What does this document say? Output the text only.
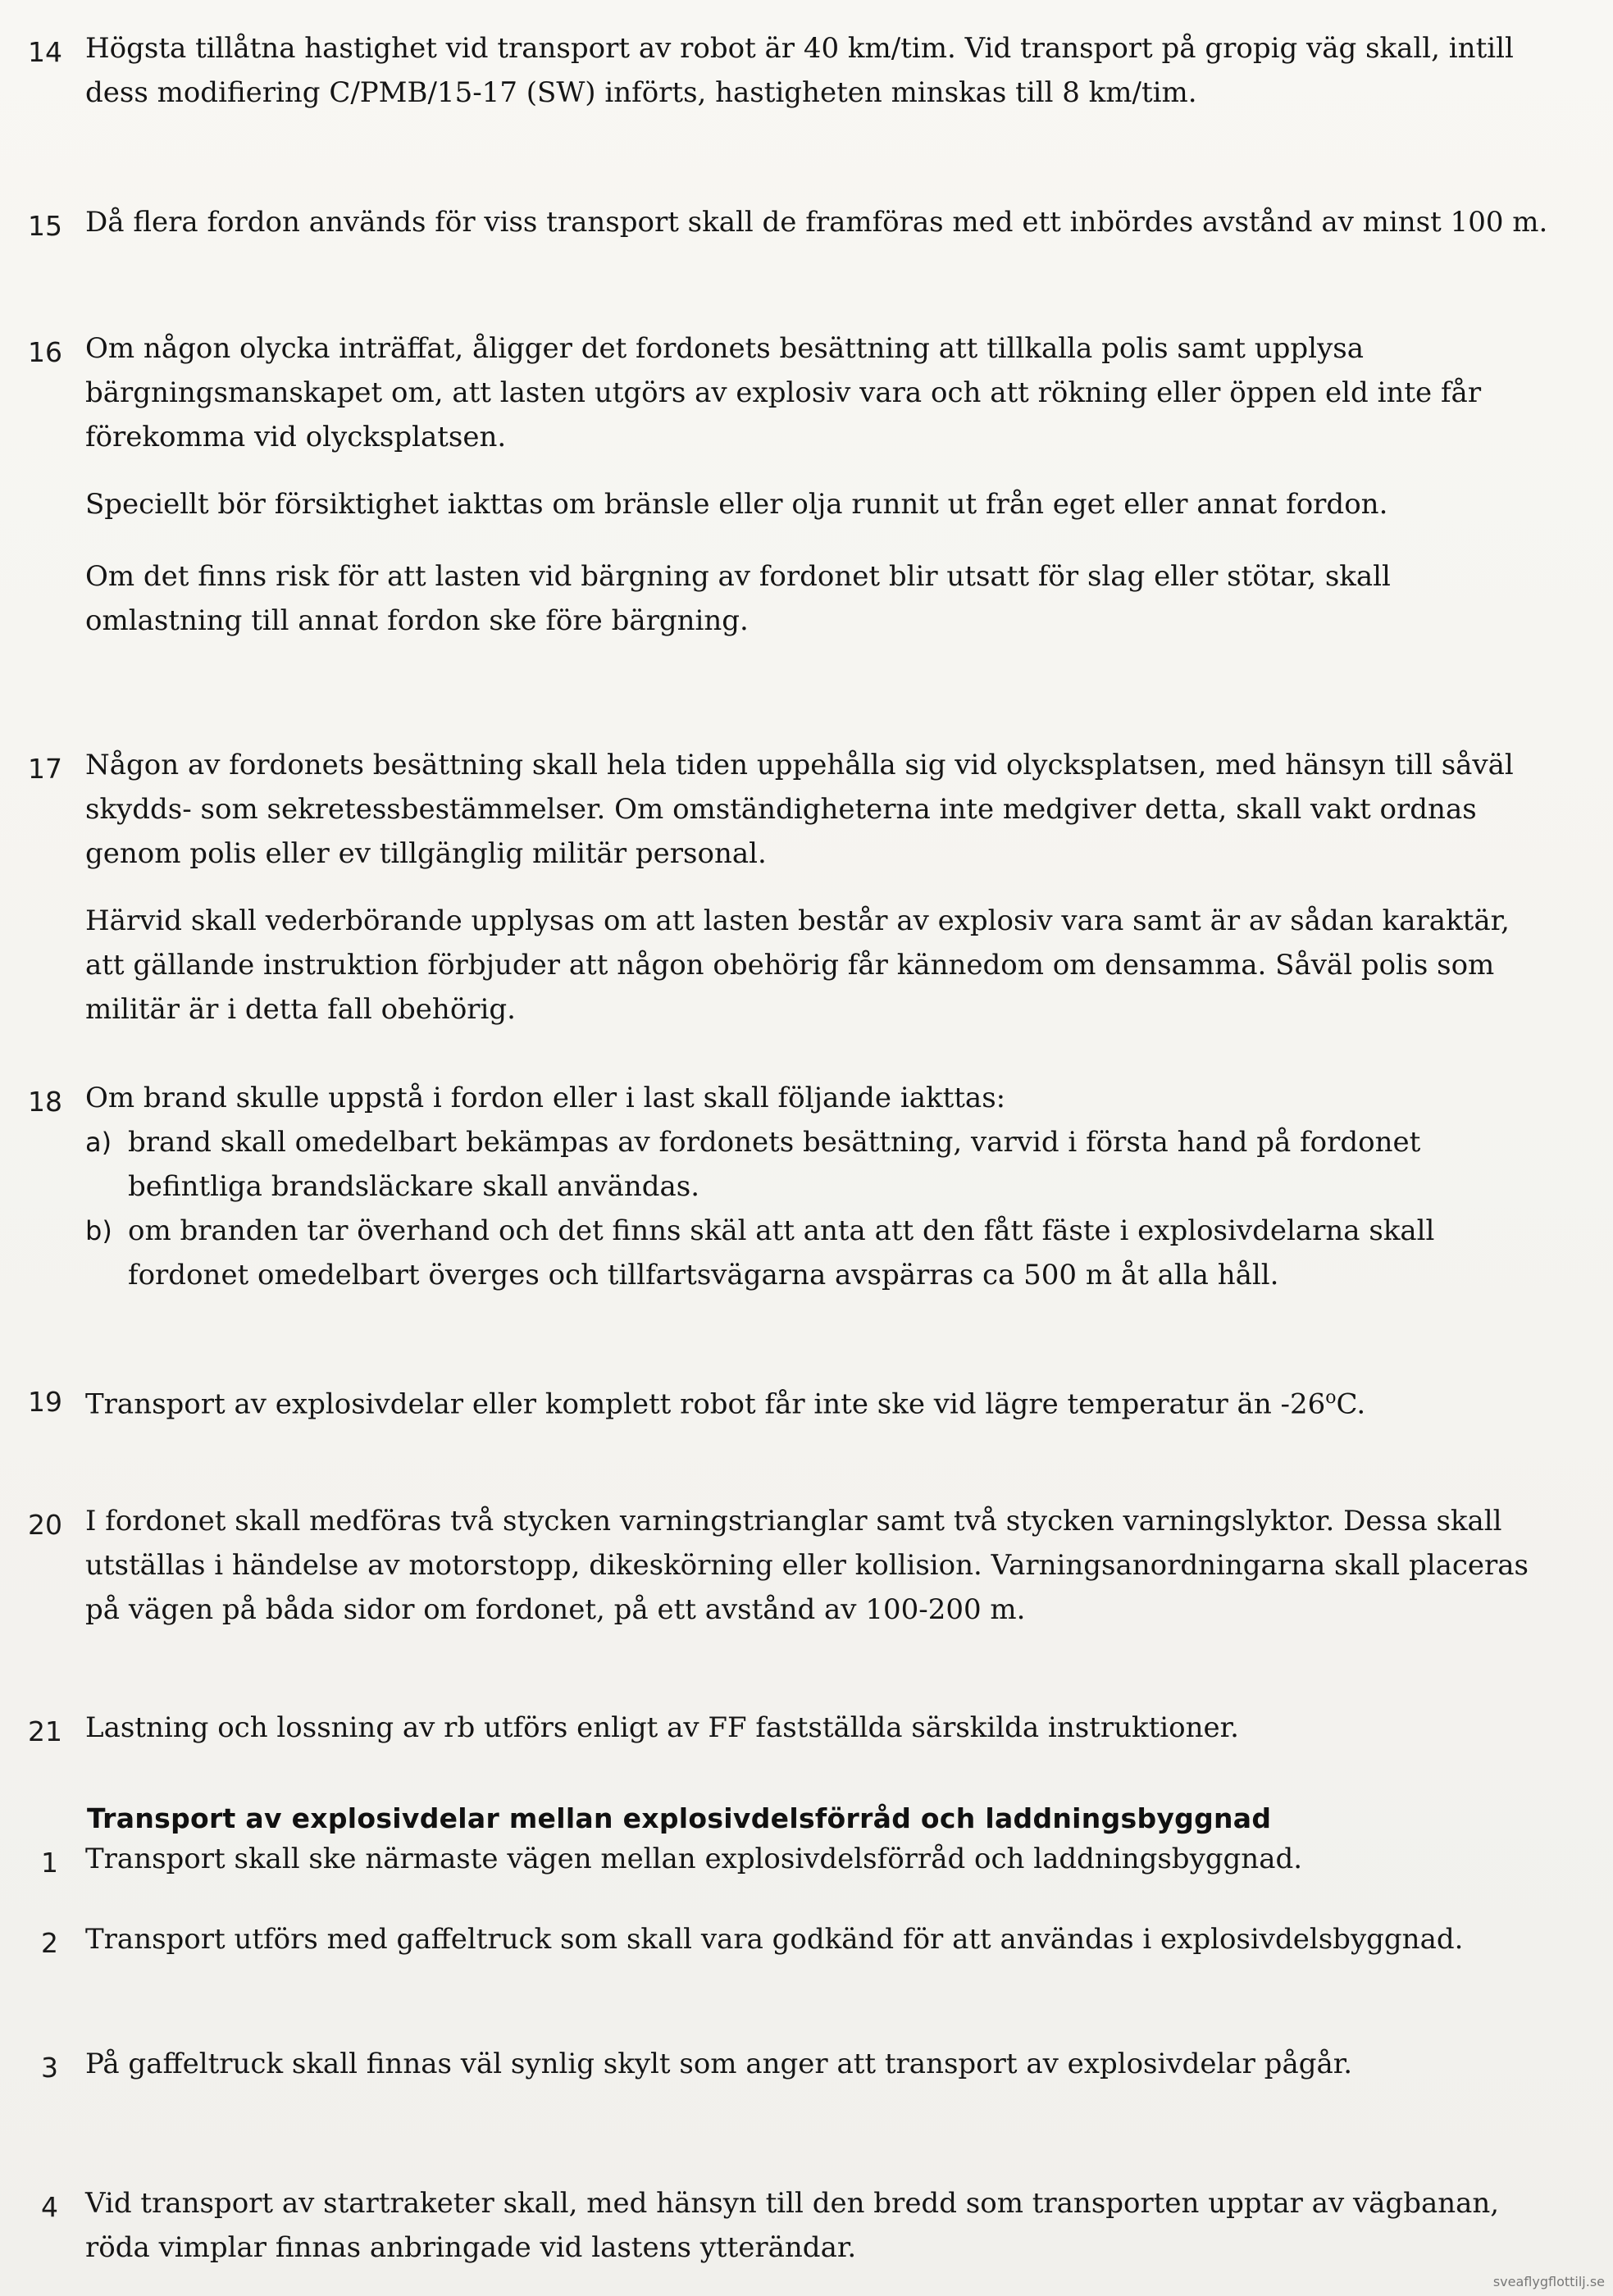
14 Högsta tillåtna hastighet vid transport av robot är 40 km/tim. Vid transport på gropig väg skall, intill dess modifiering C/PMB/15-17 (SW) införts, hastigheten minskas till 8 km/tim.

15 Då flera fordon används för viss transport skall de framföras med ett inbördes avstånd av minst 100 m.

16 Om någon olycka inträffat, åligger det fordonets besättning att tillkalla polis samt upplysa bärgningsmanskapet om, att lasten utgörs av explosiv vara och att rökning eller öppen eld inte får förekomma vid olycksplatsen.

Speciellt bör försiktighet iakttas om bränsle eller olja runnit ut från eget eller annat fordon.

Om det finns risk för att lasten vid bärgning av fordonet blir utsatt för slag eller stötar, skall omlastning till annat fordon ske före bärgning.

17 Någon av fordonets besättning skall hela tiden uppehålla sig vid olycksplatsen, med hänsyn till såväl skydds- som sekretessbestämmelser. Om omständigheterna inte medgiver detta, skall vakt ordnas genom polis eller ev tillgänglig militär personal.

Härvid skall vederbörande upplysas om att lasten består av explosiv vara samt är av sådan karaktär, att gällande instruktion förbjuder att någon obehörig får kännedom om densamma. Såväl polis som militär är i detta fall obehörig.

18 Om brand skulle uppstå i fordon eller i last skall följande iakttas:

a) brand skall omedelbart bekämpas av fordonets besättning, varvid i första hand på fordonet befintliga brandsläckare skall användas.
b) om branden tar överhand och det finns skäl att anta att den fått fäste i explosivdelarna skall fordonet omedelbart överges och tillfartsvägarna avspärras ca 500 m åt alla håll.
19 Transport av explosivdelar eller komplett robot får inte ske vid lägre temperatur än -26$^o$C.

20 I fordonet skall medföras två stycken varningstrianglar samt två stycken varningslyktor. Dessa skall utställas i händelse av motorstopp, dikeskörning eller kollision. Varningsanordningarna skall placeras på vägen på båda sidor om fordonet, på ett avstånd av 100-200 m.

21 Lastning och lossning av rb utförs enligt av FF fastställda särskilda instruktioner.

Transport av explosivdelar mellan explosivdelsförråd och laddningsbyggnad
1 Transport skall ske närmaste vägen mellan explosivdelsförråd och laddningsbyggnad.

2 Transport utförs med gaffeltruck som skall vara godkänd för att användas i explosivdelsbyggnad.

3 På gaffeltruck skall finnas väl synlig skylt som anger att transport av explosivdelar pågår.

4 Vid transport av startraketer skall, med hänsyn till den bredd som transporten upptar av vägbanan, röda vimplar finnas anbringade vid lastens ytterändar.

sveaflygflottilj.se
